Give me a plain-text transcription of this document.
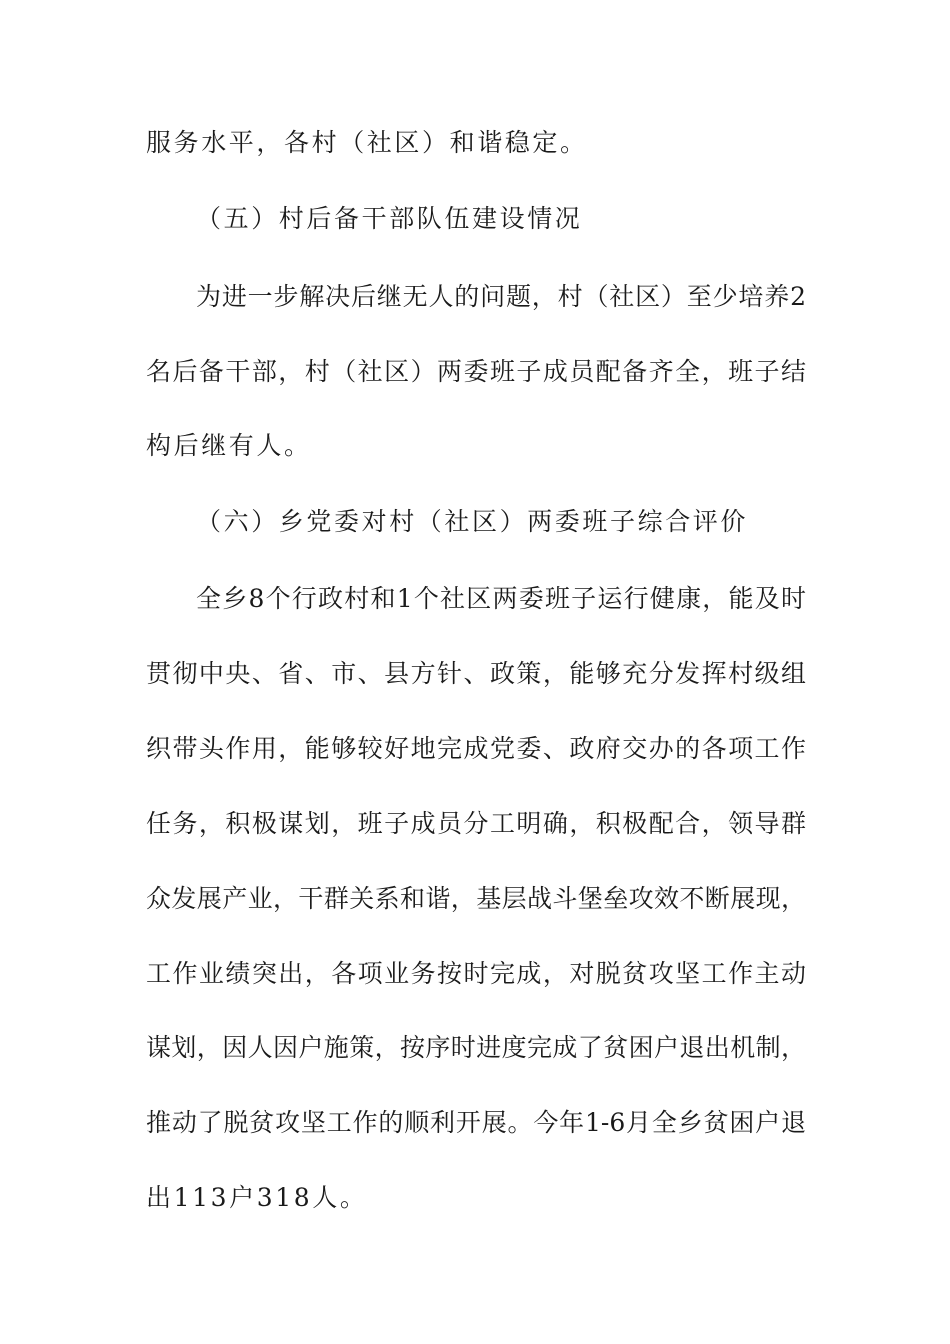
服务水平，各村（社区）和谐稳定。
（五）村后备干部队伍建设情况
为进一步解决后继无人的问题，村（社区）至少培养2
名后备干部，村（社区）两委班子成员配备齐全，班子结
构后继有人。
（六）乡党委对村（社区）两委班子综合评价
全乡8个行政村和1个社区两委班子运行健康，能及时
贯彻中央、省、市、县方针、政策，能够充分发挥村级组
织带头作用，能够较好地完成党委、政府交办的各项工作
任务，积极谋划，班子成员分工明确，积极配合，领导群
众发展产业，干群关系和谐，基层战斗堡垒攻效不断展现，
工作业绩突出，各项业务按时完成，对脱贫攻坚工作主动
谋划，因人因户施策，按序时进度完成了贫困户退出机制，
推动了脱贫攻坚工作的顺利开展。今年1-6月全乡贫困户退
出113户318人。
